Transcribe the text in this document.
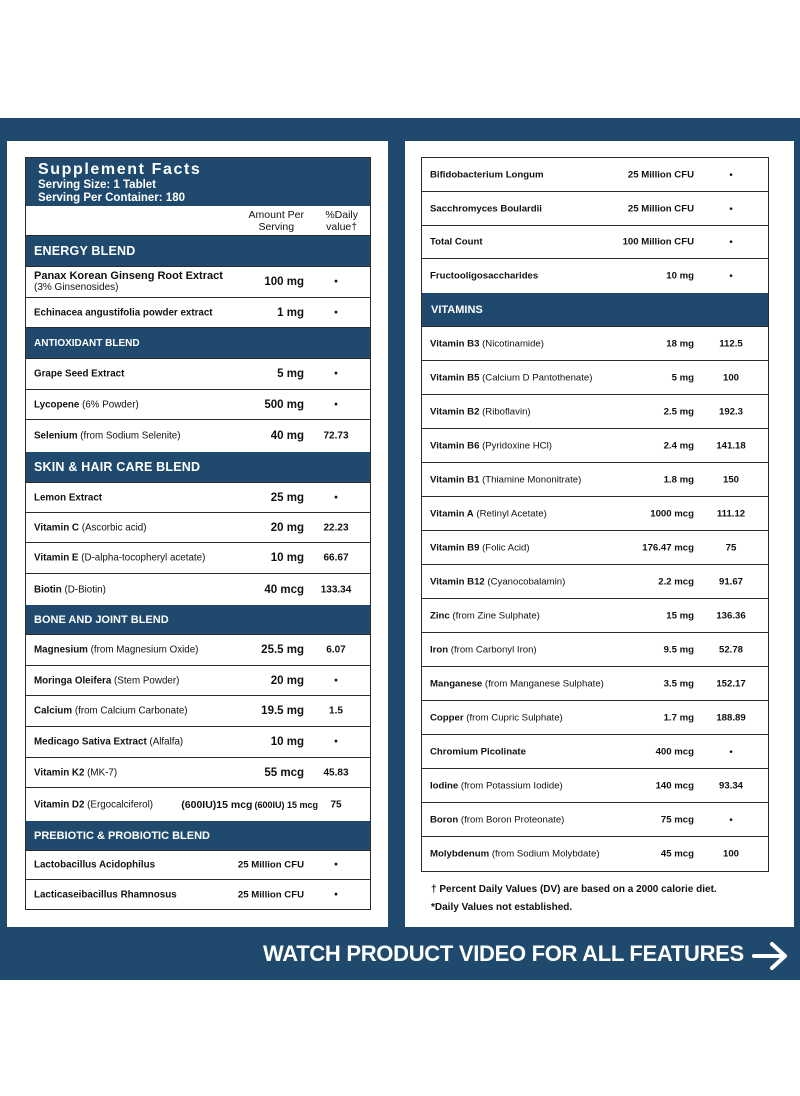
Supplement Facts
Serving Size: 1 Tablet
Serving Per Container: 180
Amount Per
Serving
%Daily
value†
ENERGY BLEND
Panax Korean Ginseng Root Extract
(3% Ginsenosides)	100 mg	•
Echinacea angustifolia powder extract	1 mg	•
ANTIOXIDANT BLEND
Grape Seed Extract	5 mg	•
Lycopene (6% Powder)	500 mg	•
Selenium (from Sodium Selenite)	40 mg	72.73
SKIN & HAIR CARE BLEND
Lemon Extract	25 mg	•
Vitamin C (Ascorbic acid)	20 mg	22.23
Vitamin E (D-alpha-tocopheryl acetate)	10 mg	66.67
Biotin (D-Biotin)	40 mcg 133.34
BONE AND JOINT BLEND
Magnesium (from Magnesium Oxide)	25.5 mg	6.07
Moringa Oleifera (Stem Powder)	20 mg	•
Calcium (from Calcium Carbonate)	19.5 mg	1.5
Medicago Sativa Extract (Alfalfa)	10 mg	•
Vitamin K2 (MK-7)	55 mcg	45.83
Vitamin D2 (Ergocalciferol)	(600IU)15 mcg (600IU) 15 mcg	75
PREBIOTIC & PROBIOTIC BLEND
Lactobacillus Acidophilus	25 Million CFU	•
Lacticaseibacillus Rhamnosus	25 Million CFU	•
Bifidobacterium Longum	25 Million CFU	•
Sacchromyces Boulardii	25 Million CFU	•
Total Count	100 Million CFU	•
Fructooligosaccharides	10 mg	•
VITAMINS
Vitamin B3 (Nicotinamide)	18 mg	112.5
Vitamin B5 (Calcium D Pantothenate)	5 mg	100
Vitamin B2 (Riboflavin)	2.5 mg	192.3
Vitamin B6 (Pyridoxine HCl)	2.4 mg 141.18
Vitamin B1 (Thiamine Mononitrate)	1.8 mg	150
Vitamin A (Retinyl Acetate)	1000 mcg 111.12
Vitamin B9 (Folic Acid)	176.47 mcg	75
Vitamin B12 (Cyanocobalamin)	2.2 mcg	91.67
Zinc (from Zine Sulphate)	15 mg 136.36
Iron (from Carbonyl Iron)	9.5 mg	52.78
Manganese (from Manganese Sulphate)	3.5 mg 152.17
Copper (from Cupric Sulphate)	1.7 mg 188.89
Chromium Picolinate	400 mcg	•
Iodine (from Potassium Iodide)	140 mcg	93.34
Boron (from Boron Proteonate)	75 mcg	•
Molybdenum (from Sodium Molybdate)	45 mcg	100
† Percent Daily Values (DV) are based on a 2000 calorie diet.
*Daily Values not established.
WATCH PRODUCT VIDEO FOR ALL FEATURES
